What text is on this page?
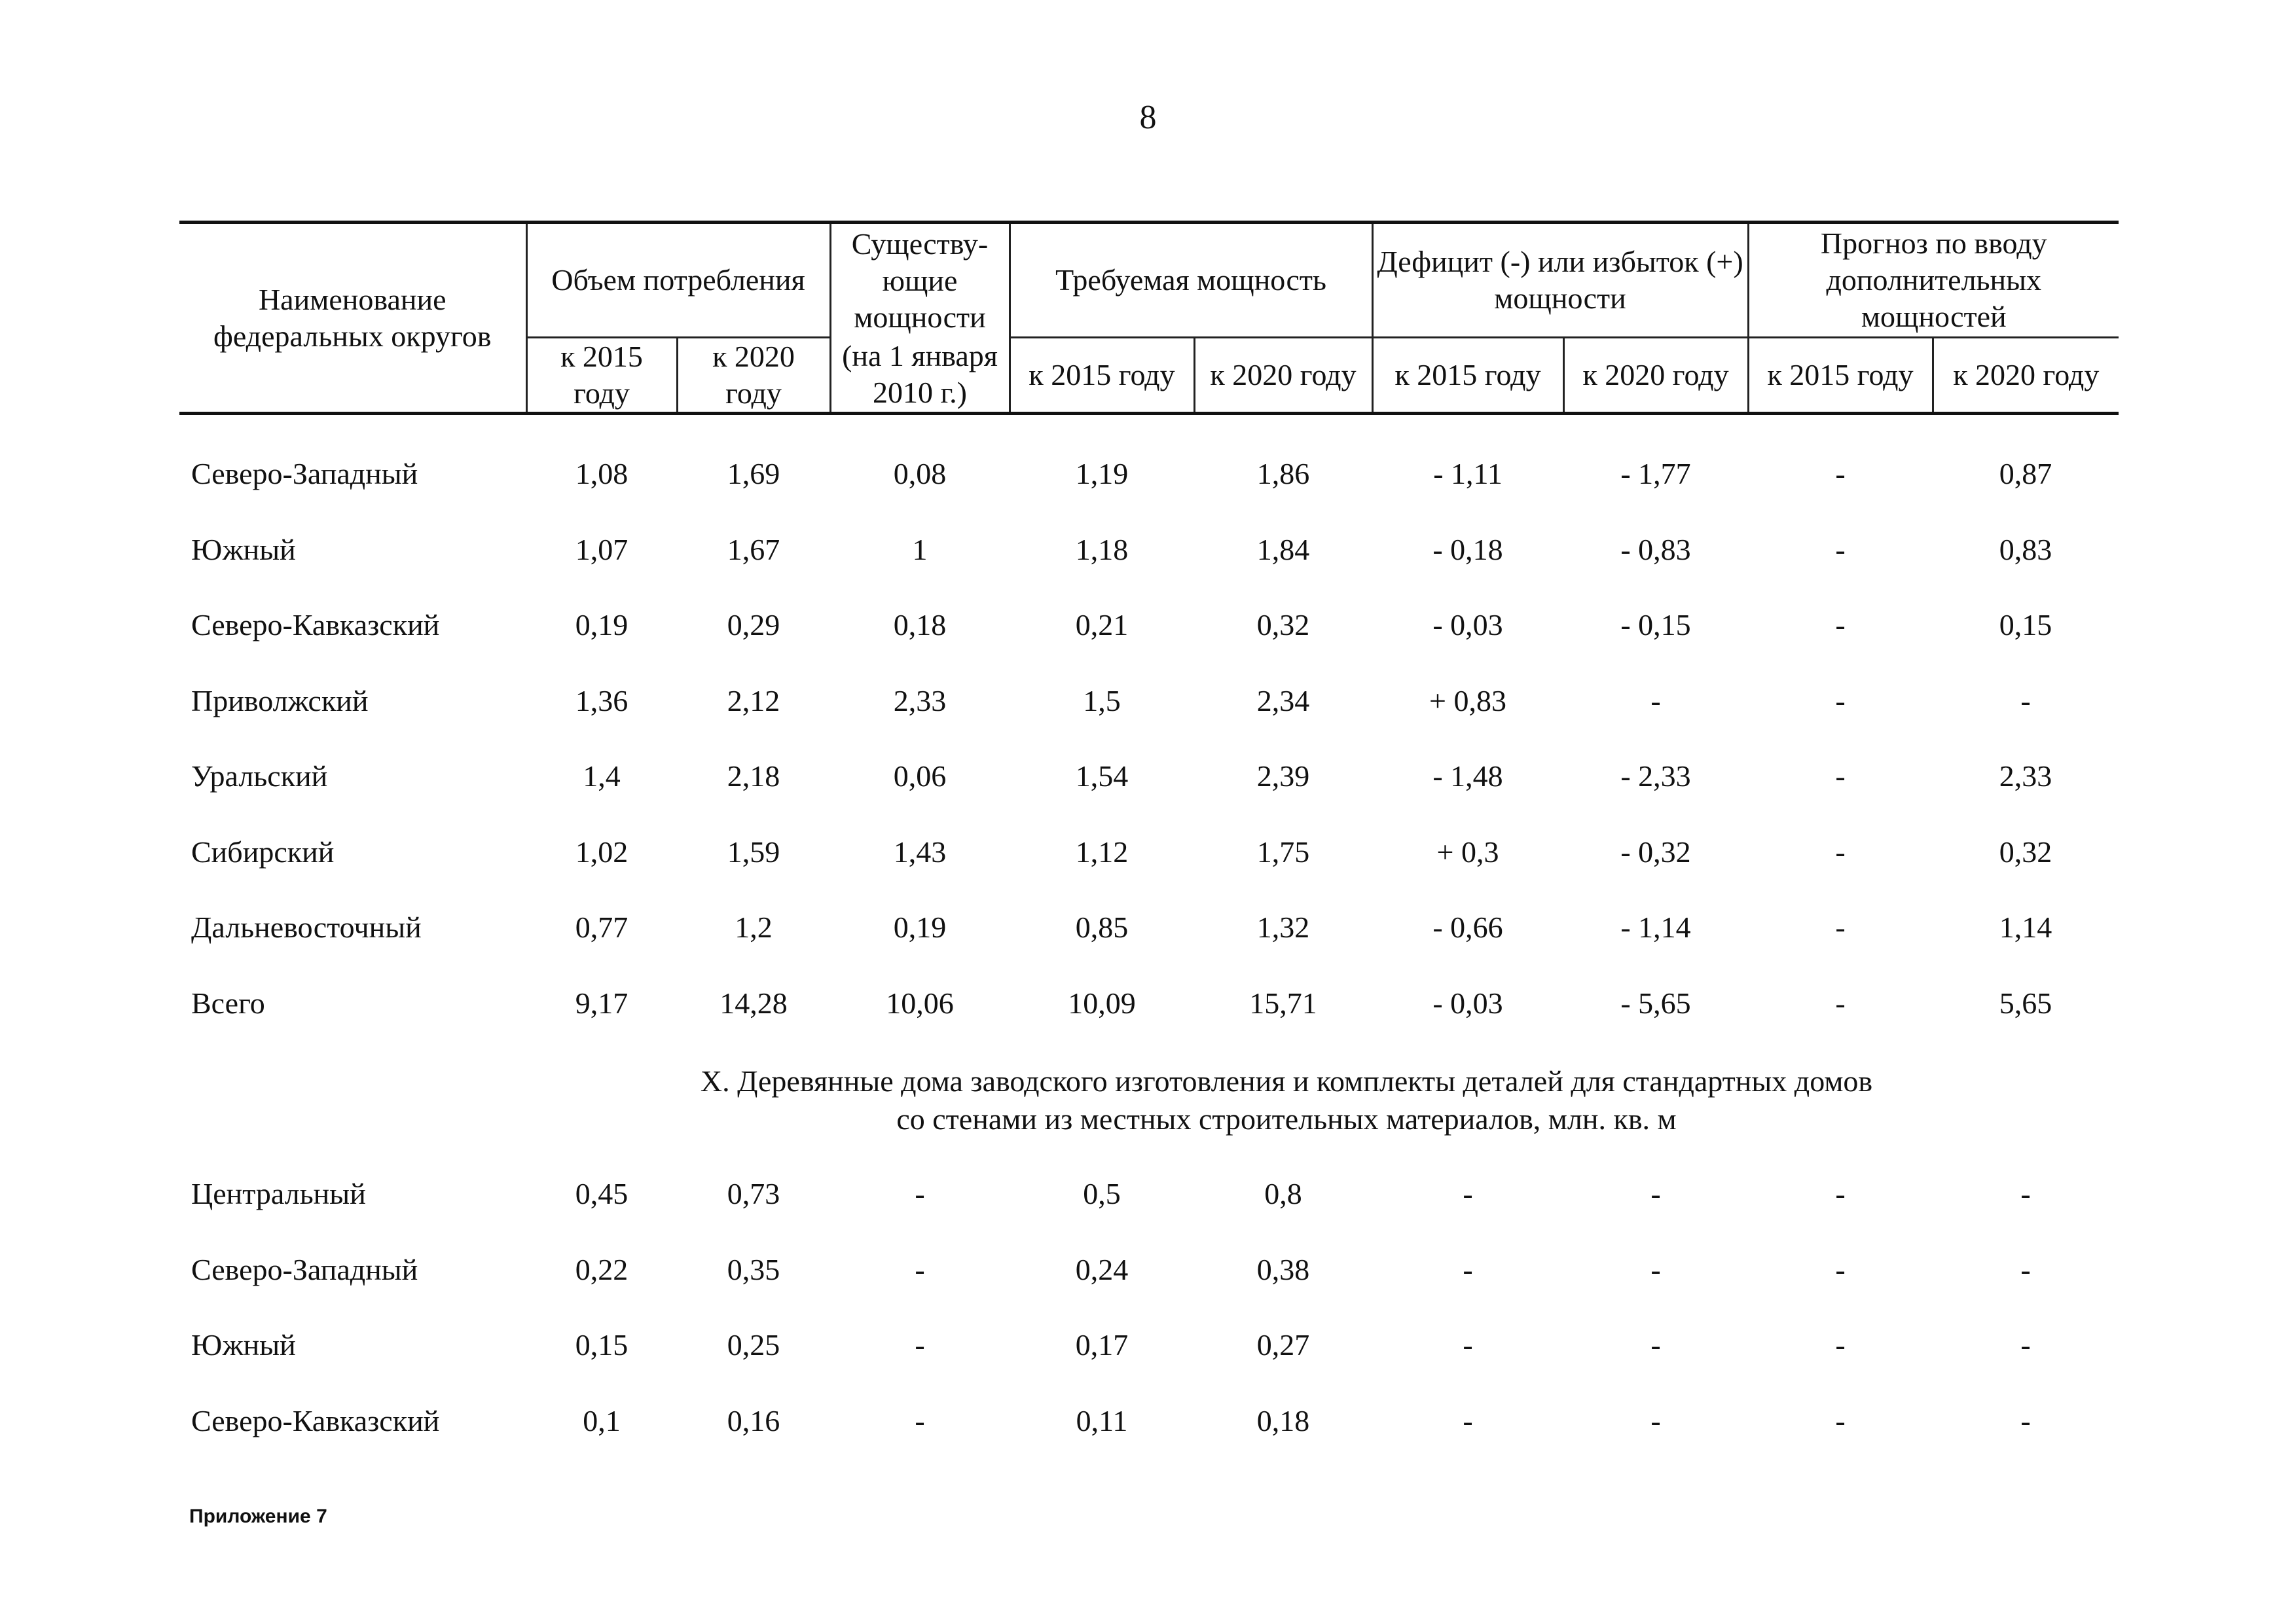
8
Наименование федеральных округов	Объем потребления		Существу-ющие мощности	Требуемая мощность		Дефицит (-) или избыток (+) мощности		Прогноз по вводу дополнительных мощностей	
	к 2015 году	к 2020 году	(на 1 января 2010 г.)	к 2015 году	к 2020 году	к 2015 году	к 2020 году	к 2015 году	к 2020 году

Северо-Западный	1,08	1,69	0,08	1,19	1,86	- 1,11	- 1,77	-	0,87
Южный	1,07	1,67	1	1,18	1,84	- 0,18	- 0,83	-	0,83
Северо-Кавказский	0,19	0,29	0,18	0,21	0,32	- 0,03	- 0,15	-	0,15
Приволжский	1,36	2,12	2,33	1,5	2,34	+ 0,83	-	-	-
Уральский	1,4	2,18	0,06	1,54	2,39	- 1,48	- 2,33	-	2,33
Сибирский	1,02	1,59	1,43	1,12	1,75	+ 0,3	- 0,32	-	0,32
Дальневосточный	0,77	1,2	0,19	0,85	1,32	- 0,66	- 1,14	-	1,14
Всего	9,17	14,28	10,06	10,09	15,71	- 0,03	- 5,65	-	5,65

X. Деревянные дома заводского изготовления и комплекты деталей для стандартных домов
со стенами из местных строительных материалов, млн. кв. м									

Центральный	0,45	0,73	-	0,5	0,8	-	-	-	-
Северо-Западный	0,22	0,35	-	0,24	0,38	-	-	-	-
Южный	0,15	0,25	-	0,17	0,27	-	-	-	-
Северо-Кавказский	0,1	0,16	-	0,11	0,18	-	-	-	-
Приложение 7
